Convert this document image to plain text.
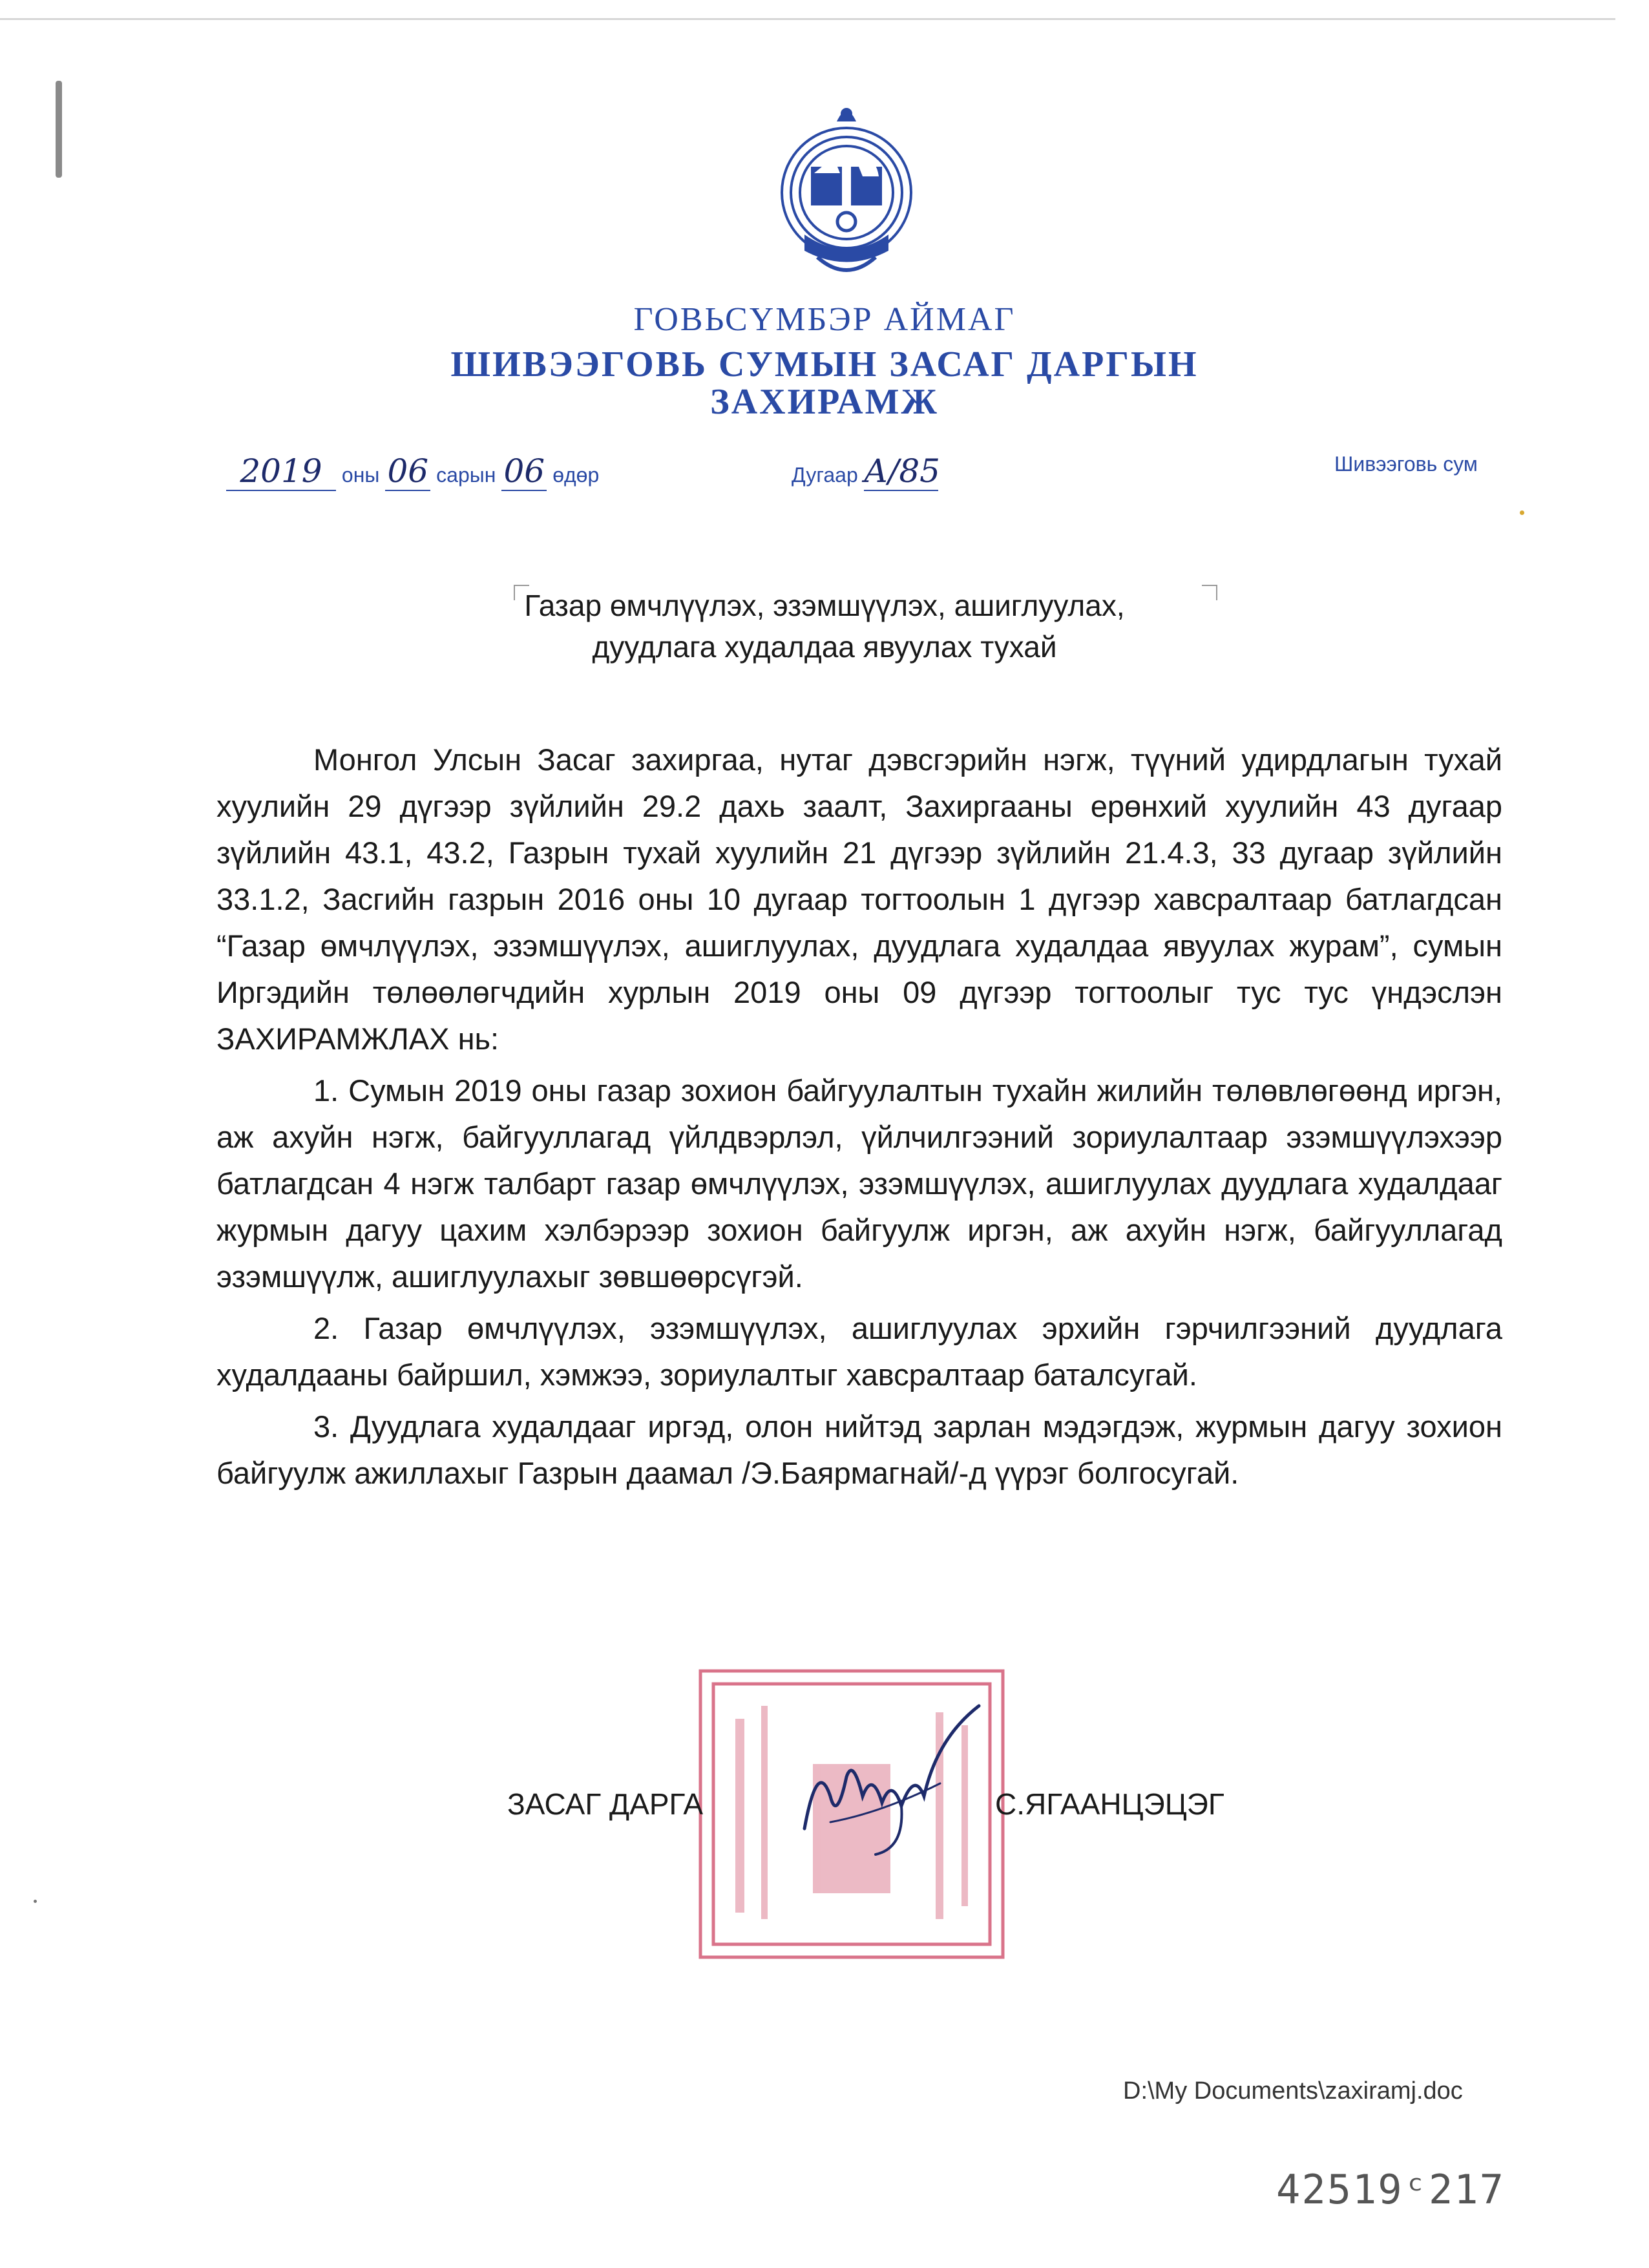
ГОВЬСҮМБЭР АЙМАГ
ШИВЭЭГОВЬ СУМЫН ЗАСАГ ДАРГЫН
ЗАХИРАМЖ
2019 оны 06 сарын 06 өдөр	Дугаар А/85	Шивээговь сум
Газар өмчлүүлэх, эзэмшүүлэх, ашиглуулах,
дуудлага худалдаа явуулах тухай
Монгол Улсын Засаг захиргаа, нутаг дэвсгэрийн нэгж, түүний удирдлагын тухай хуулийн 29 дүгээр зүйлийн 29.2 дахь заалт, Захиргааны ерөнхий хуулийн 43 дугаар зүйлийн 43.1, 43.2, Газрын тухай хуулийн 21 дүгээр зүйлийн 21.4.3, 33 дугаар зүйлийн 33.1.2, Засгийн газрын 2016 оны 10 дугаар тогтоолын 1 дүгээр хавсралтаар батлагдсан “Газар өмчлүүлэх, эзэмшүүлэх, ашиглуулах, дуудлага худалдаа явуулах журам”, сумын Иргэдийн төлөөлөгчдийн хурлын 2019 оны 09 дүгээр тогтоолыг тус тус үндэслэн ЗАХИРАМЖЛАХ нь:
1. Сумын 2019 оны газар зохион байгуулалтын тухайн жилийн төлөвлөгөөнд иргэн, аж ахуйн нэгж, байгууллагад үйлдвэрлэл, үйлчилгээний зориулалтаар эзэмшүүлэхээр батлагдсан 4 нэгж талбарт газар өмчлүүлэх, эзэмшүүлэх, ашиглуулах дуудлага худалдааг журмын дагуу цахим хэлбэрээр зохион байгуулж иргэн, аж ахуйн нэгж, байгууллагад эзэмшүүлж, ашиглуулахыг зөвшөөрсүгэй.
2. Газар өмчлүүлэх, эзэмшүүлэх, ашиглуулах эрхийн гэрчилгээний дуудлага худалдааны байршил, хэмжээ, зориулалтыг хавсралтаар баталсугай.
3. Дуудлага худалдааг иргэд, олон нийтэд зарлан мэдэгдэж, журмын дагуу зохион байгуулж ажиллахыг Газрын даамал /Э.Баярмагнай/-д үүрэг болгосугай.
ЗАСАГ ДАРГА	С.ЯГААНЦЭЦЭГ
D:\My Documents\zaxiramj.doc
42519ᶜ217
